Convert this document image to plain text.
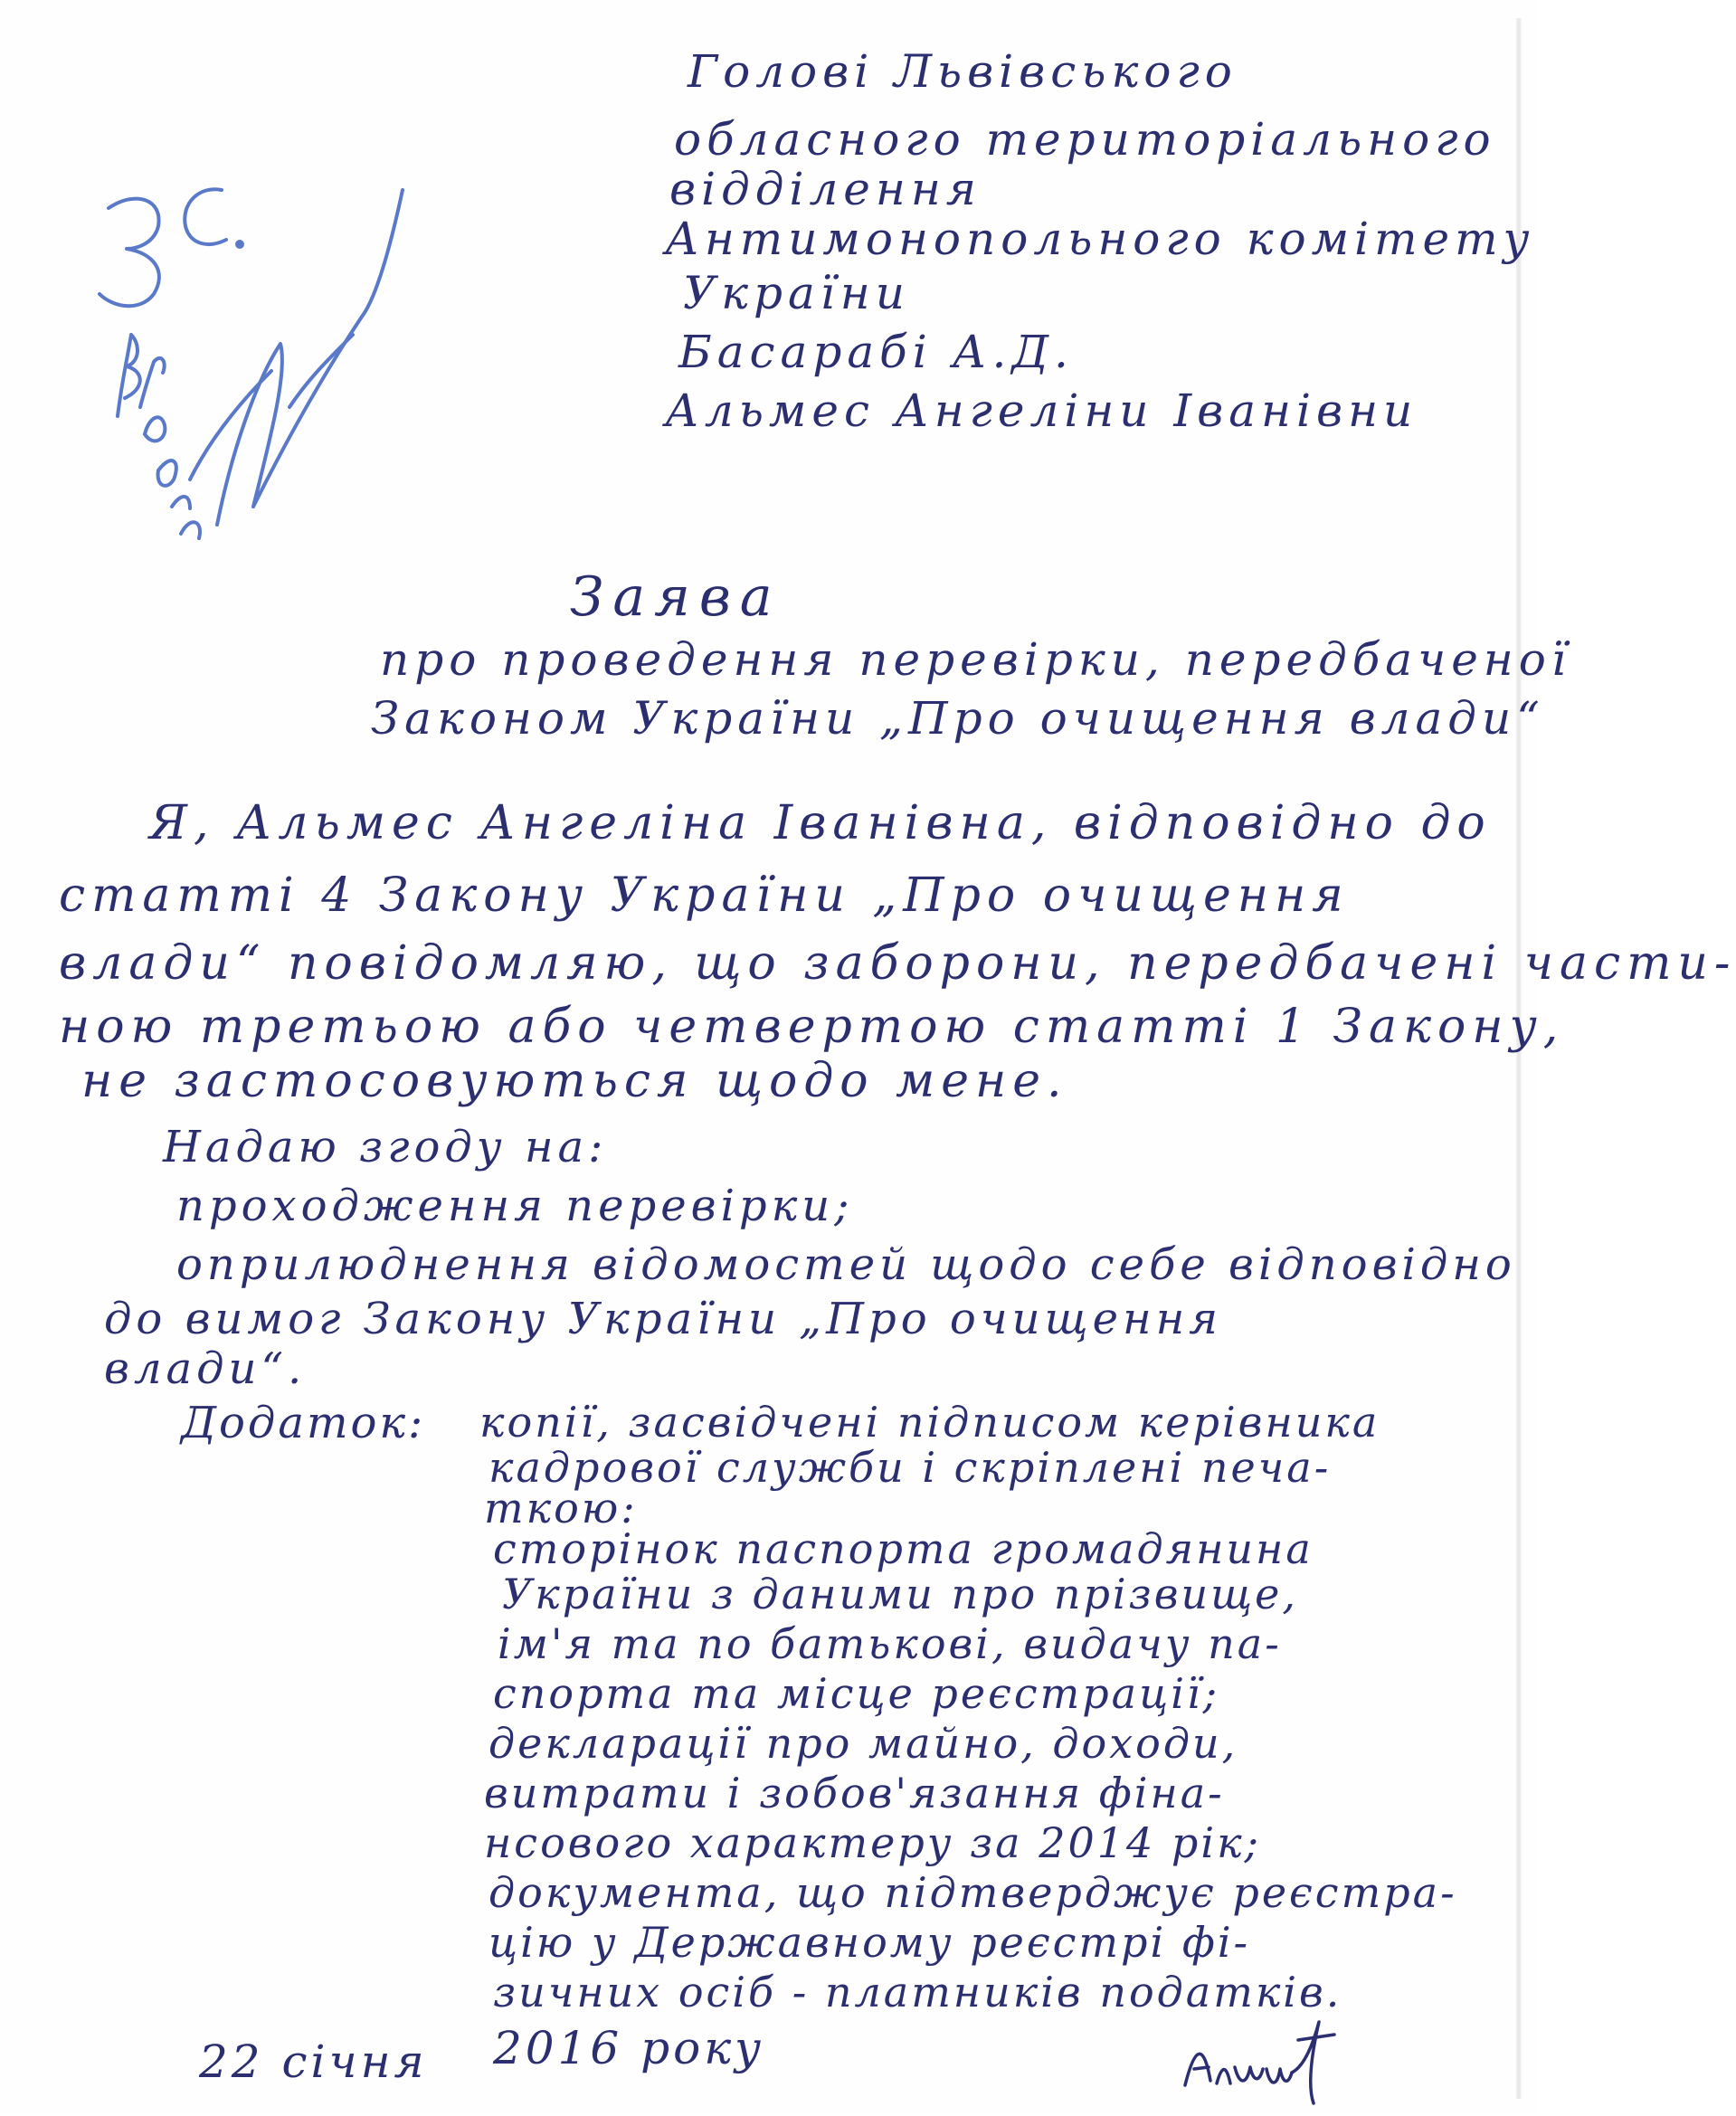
Голові Львівського
обласного територіального
відділення
Антимонопольного комітету
України
Басарабі А.Д.
Альмес Ангеліни Іванівни
Заява
про проведення перевірки, передбаченої
Законом України „Про очищення влади“
Я, Альмес Ангеліна Іванівна, відповідно до
статті 4 Закону України „Про очищення
влади“ повідомляю, що заборони, передбачені части-
ною третьою або четвертою статті 1 Закону,
не застосовуються щодо мене.
Надаю згоду на:
проходження перевірки;
оприлюднення відомостей щодо себе відповідно
до вимог Закону України „Про очищення
влади“.
Додаток: копії, засвідчені підписом керівника
кадрової служби і скріплені печа-
ткою:
сторінок паспорта громадянина
України з даними про прізвище,
ім'я та по батькові, видачу па-
спорта та місце реєстрації;
декларації про майно, доходи,
витрати і зобов'язання фіна-
нсового характеру за 2014 рік;
документа, що підтверджує реєстра-
цію у Державному реєстрі фі-
зичних осіб - платників податків.
22 січня 2016 року
